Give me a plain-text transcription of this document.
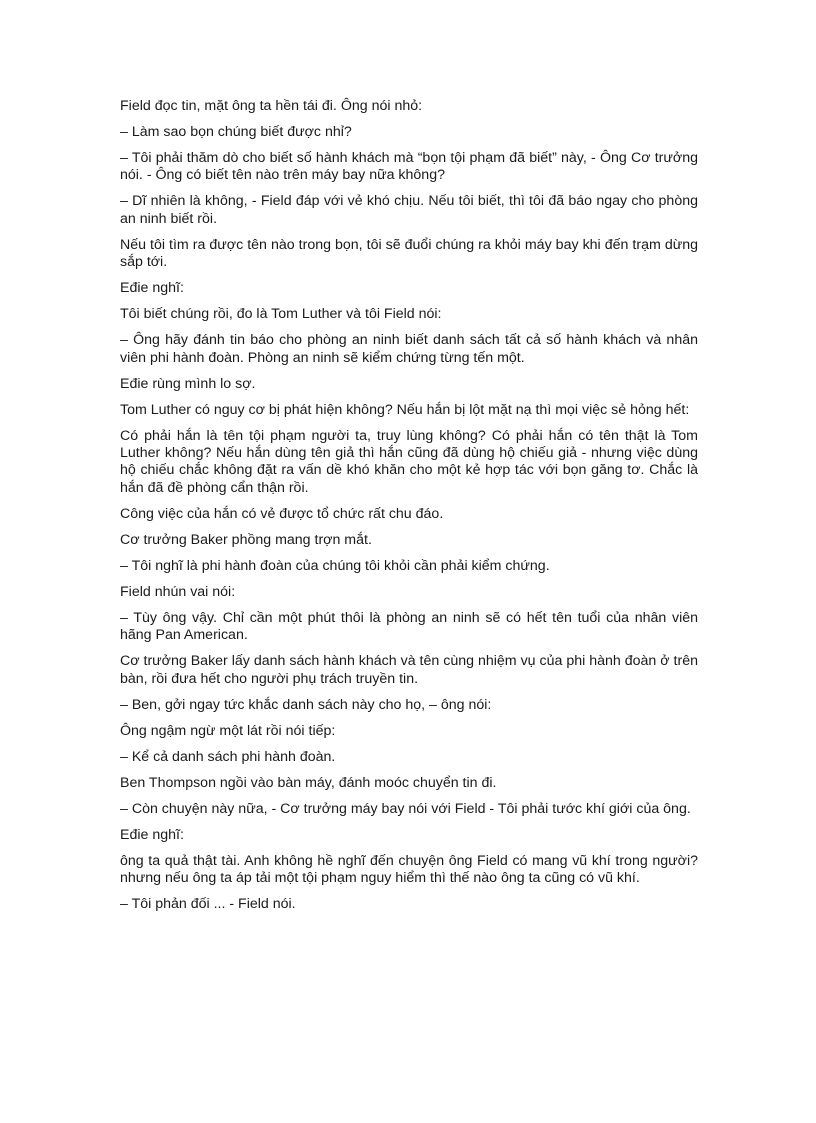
Field đọc tin, mặt ông ta hền tái đi. Ông nói nhỏ:

– Làm sao bọn chúng biết được nhỉ?

– Tôi phải thăm dò cho biết số hành khách mà “bọn tội phạm đã biết” này, - Ông Cơ trưởng nói. - Ông có biết tên nào trên máy bay nữa không?

– Dĩ nhiên là không, - Field đáp với vẻ khó chịu. Nếu tôi biết, thì tôi đã báo ngay cho phòng an ninh biết rồi.

Nếu tôi tìm ra được tên nào trong bọn, tôi sẽ đuổi chúng ra khỏi máy bay khi đến trạm dừng sắp tới.

Eđie nghĩ:

Tôi biết chúng rồi, đo là Tom Luther và tôi Field nói:

– Ông hãy đánh tin báo cho phòng an ninh biết danh sách tất cả số hành khách và nhân viên phi hành đoàn. Phòng an ninh sẽ kiểm chứng từng tến một.

Eđie rùng mình lo sợ.

Tom Luther có nguy cơ bị phát hiện không? Nếu hắn bị lột mặt nạ thì mọi việc sẻ hỏng hết:

Có phải hắn là tên tội phạm người ta, truy lùng không? Có phải hắn có tên thật là Tom Luther không? Nếu hắn dùng tên giả thì hắn cũng đã dùng hộ chiếu giả - nhưng việc dùng hộ chiếu chắc không đặt ra vấn dề khó khăn cho một kẻ hợp tác với bọn găng tơ. Chắc là hắn đã đề phòng cẩn thận rồi.

Công việc của hắn có vẻ được tổ chức rất chu đáo.

Cơ trưởng Baker phồng mang trợn mắt.

– Tôi nghĩ là phi hành đoàn của chúng tôi khỏi cần phải kiểm chứng.

Field nhún vai nói:

– Tùy ông vậy. Chỉ cần một phút thôi là phòng an ninh sẽ có hết tên tuổi của nhân viên hãng Pan American.

Cơ trưởng Baker lấy danh sách hành khách và tên cùng nhiệm vụ của phi hành đoàn ở trên bàn, rồi đưa hết cho người phụ trách truyền tin.

– Ben, gởi ngay tức khắc danh sách này cho họ, – ông nói:

Ông ngậm ngừ một lát rồi nói tiếp:

– Kể cả danh sách phi hành đoàn.

Ben Thompson ngồi vào bàn máy, đánh moóc chuyển tin đi.

– Còn chuyện này nữa, - Cơ trưởng máy bay nói với Field - Tôi phải tước khí giới của ông.

Eđie nghĩ:

ông ta quả thật tài. Anh không hề nghĩ đến chuyện ông Field có mang vũ khí trong người? nhưng nếu ông ta áp tải một tội phạm nguy hiểm thì thế nào ông ta cũng có vũ khí.

– Tôi phản đối ... - Field nói.
